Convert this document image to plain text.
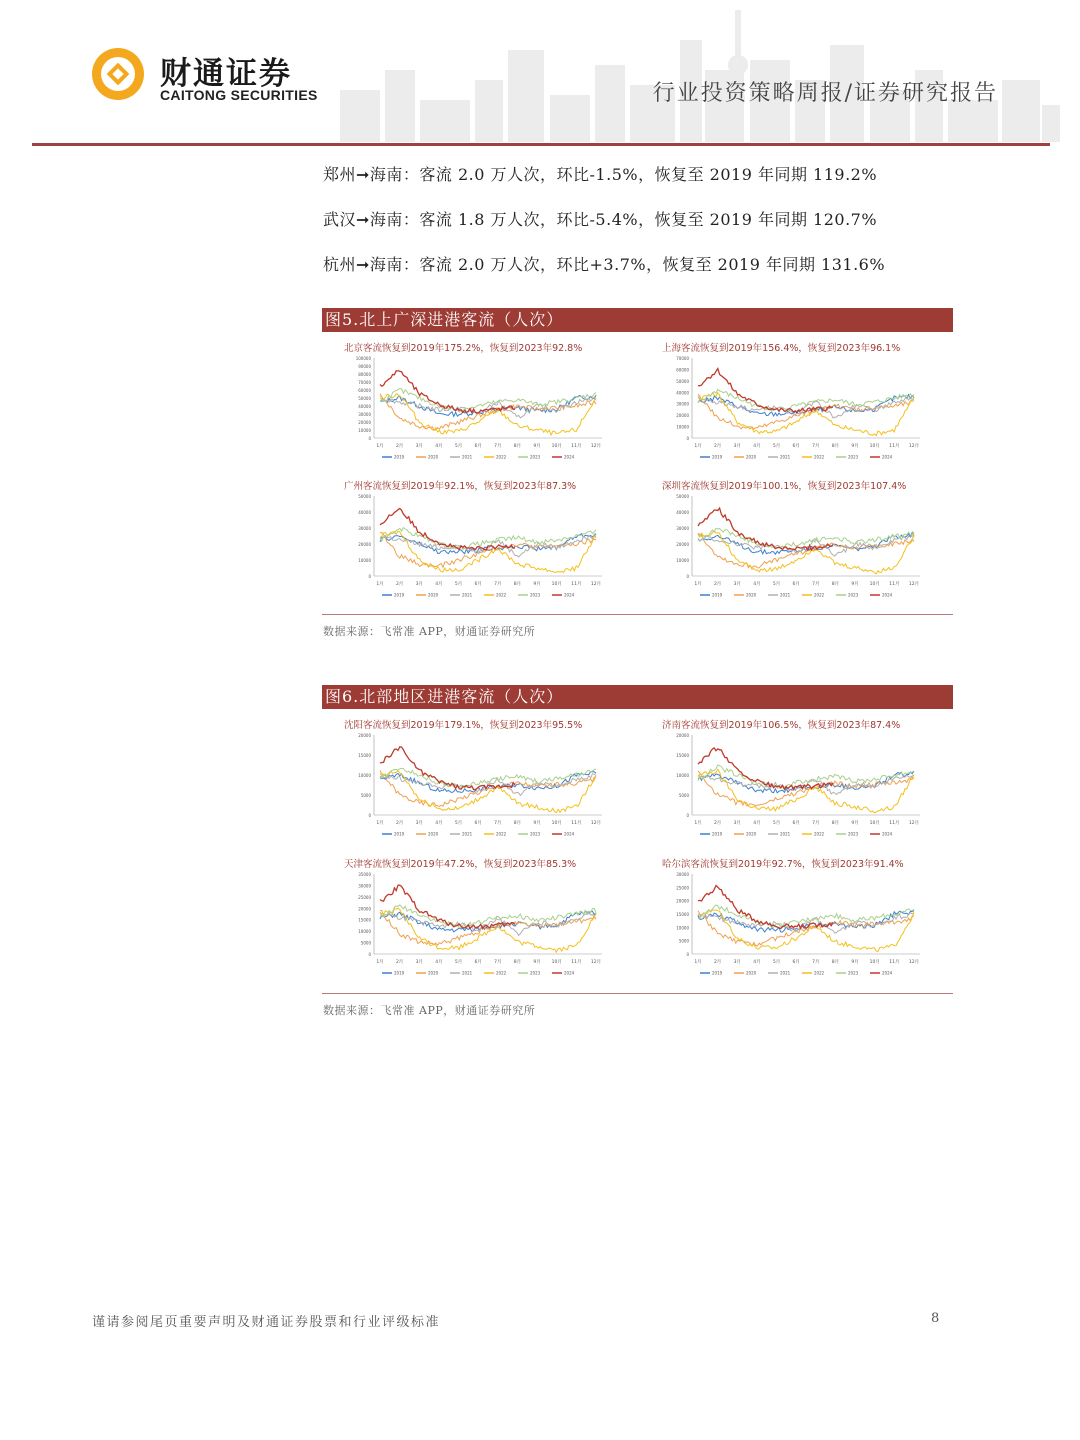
财通证券
CAITONG SECURITIES	行业投资策略周报/证券研究报告
郑州➞海南：客流 2.0 万人次，环比-1.5%，恢复至 2019 年同期 119.2%
武汉➞海南：客流 1.8 万人次，环比-5.4%，恢复至 2019 年同期 120.7%
杭州➞海南：客流 2.0 万人次，环比+3.7%，恢复至 2019 年同期 131.6%
图5.北上广深进港客流（人次）
北京客流恢复到2019年175.2%，恢复到2023年92.8%
100000
90000
80000
70000
60000
50000
40000
30000
20000
10000
0
1月	2月	3月	4月	5月	6月	7月	8月	9月 10月 11月 12月
2019	2020	2021	2022	2023	2024
上海客流恢复到2019年156.4%，恢复到2023年96.1%
70000
60000
50000
40000
30000
20000
10000
0
1月	2月	3月	4月	5月	6月	7月	8月	9月 10月 11月 12月
2019	2020	2021	2022	2023	2024
广州客流恢复到2019年92.1%，恢复到2023年87.3%
50000
40000
30000
20000
10000
0
1月	2月	3月	4月	5月	6月	7月	8月	9月 10月 11月 12月
2019	2020	2021	2022	2023	2024
深圳客流恢复到2019年100.1%，恢复到2023年107.4%
50000
40000
30000
20000
10000
0
1月	2月	3月	4月	5月	6月	7月	8月	9月 10月 11月 12月
2019	2020	2021	2022	2023	2024
数据来源：飞常准 APP，财通证券研究所
图6.北部地区进港客流（人次）
沈阳客流恢复到2019年179.1%，恢复到2023年95.5%
20000
15000
10000
5000
0
1月	2月	3月	4月	5月	6月	7月	8月	9月 10月 11月 12月
2019	2020	2021	2022	2023	2024
济南客流恢复到2019年106.5%，恢复到2023年87.4%
20000
15000
10000
5000
0
1月	2月	3月	4月	5月	6月	7月	8月	9月 10月 11月 12月
2019	2020	2021	2022	2023	2024
天津客流恢复到2019年47.2%，恢复到2023年85.3%
35000
30000
25000
20000
15000
10000
5000
0
1月	2月	3月	4月	5月	6月	7月	8月	9月 10月 11月 12月
2019	2020	2021	2022	2023	2024
哈尔滨客流恢复到2019年92.7%，恢复到2023年91.4%
30000
25000
20000
15000
10000
5000
0
1月	2月	3月	4月	5月	6月	7月	8月	9月 10月 11月 12月
2019	2020	2021	2022	2023	2024
数据来源：飞常准 APP，财通证券研究所
谨请参阅尾页重要声明及财通证券股票和行业评级标准	8
